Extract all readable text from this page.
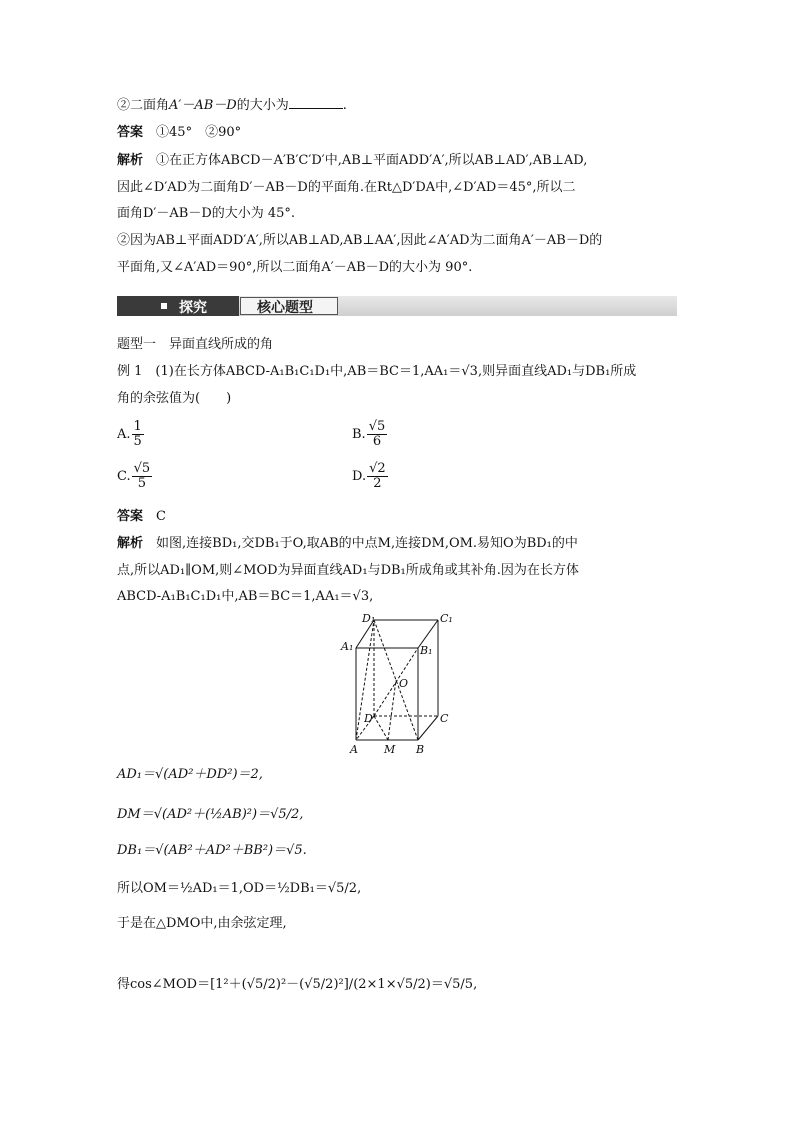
②二面角A′－AB－D的大小为	.
答案　 ①45°　②90°
解析　 ①在正方体ABCD－A′B′C′D′中,AB⊥平面ADD′A′,所以AB⊥AD′,AB⊥AD,
因此∠D′AD为二面角D′－AB－D的平面角.在Rt△D′DA中,∠D′AD＝45°,所以二
面角D′－AB－D的大小为 45°.
②因为AB⊥平面ADD′A′,所以AB⊥AD,AB⊥AA′,因此∠A′AD为二面角A′－AB－D的
平面角,又∠A′AD＝90°,所以二面角A′－AB－D的大小为 90°.
探究	核心题型
题型一　异面直线所成的角
例 1　 (1)在长方体ABCD-A₁B₁C₁D₁中,AB＝BC＝1,AA₁＝√3,则异面直线AD₁与DB₁所成
角的余弦值为(　　)
A. $\frac{1}{5}$	B. $\frac{√5}{6}$
C. $\frac{√5}{5}$	D. $\frac{√2}{2}$
答案　 C
解析　 如图,连接BD₁,交DB₁于O,取AB的中点M,连接DM,OM.易知O为BD₁的中
点,所以AD₁∥OM,则∠MOD为异面直线AD₁与DB₁所成角或其补角.因为在长方体
ABCD-A₁B₁C₁D₁中,AB＝BC＝1,AA₁＝√3,
D₁	C₁
A₁	B₁
O
D	C
A M B
AD₁＝√(AD²＋DD²)＝2,
DM＝√(AD²＋(½AB)²)＝√5/2,
DB₁＝√(AB²＋AD²＋BB²)＝√5.
所以OM＝½AD₁＝1,OD＝½DB₁＝√5/2,
于是在△DMO中,由余弦定理,
得cos∠MOD＝[1²＋(√5/2)²－(√5/2)²]/(2×1×√5/2)＝√5/5,
